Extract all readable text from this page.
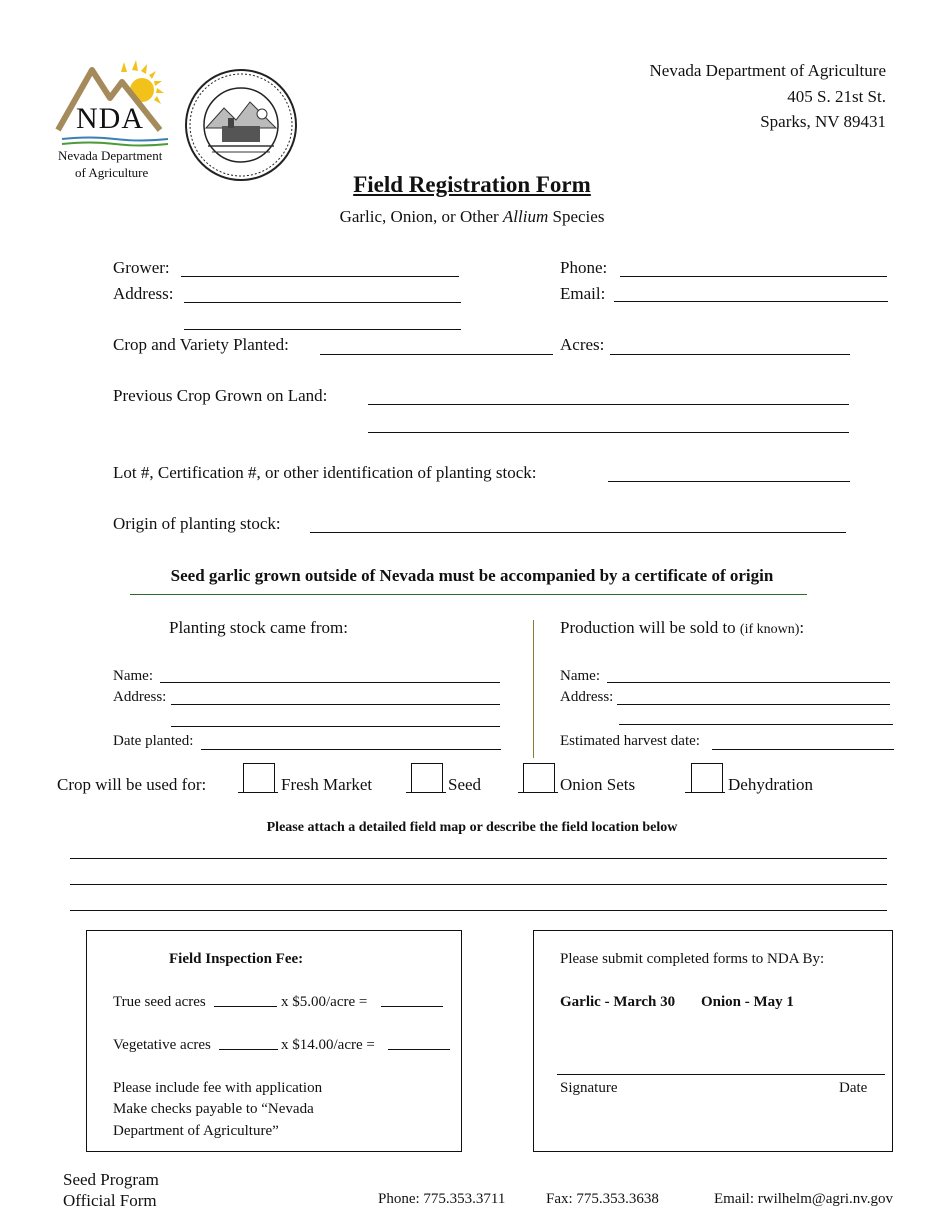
NDA
Nevada Department
of Agriculture
Nevada Department of Agriculture
405 S. 21st St.
Sparks, NV 89431
Field Registration Form
Garlic, Onion, or Other Allium Species
Grower:	Phone:
Address:	Email:
Crop and Variety Planted:	Acres:
Previous Crop Grown on Land:
Lot #, Certification #, or other identification of planting stock:
Origin of planting stock:
Seed garlic grown outside of Nevada must be accompanied by a certificate of origin
Planting stock came from:
Name:
Address:
Date planted:
Production will be sold to (if known):
Name:
Address:
Estimated harvest date:
Crop will be used for:	Fresh Market	Seed	Onion Sets	Dehydration
Please attach a detailed field map or describe the field location below
Field Inspection Fee:
True seed acres	x $5.00/acre =
Vegetative acres	x $14.00/acre =
Please include fee with application
Make checks payable to “Nevada
Department of Agriculture”
Please submit completed forms to NDA By:
Garlic - March 30 Onion - May 1
Signature	Date
Seed Program
Official Form	Phone: 775.353.3711	Fax: 775.353.3638	Email: rwilhelm@agri.nv.gov
